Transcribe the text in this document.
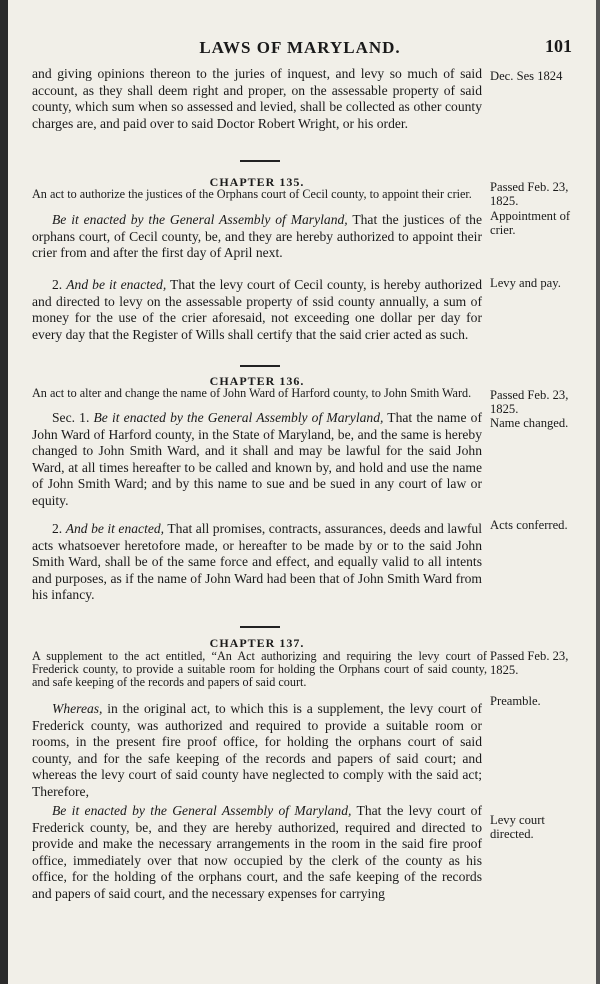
LAWS OF MARYLAND.	101

and giving opinions thereon to the juries of inquest, and levy so much of said account, as they shall deem right and proper, on the assessable property of said county, which sum when so assessed and levied, shall be collected as other county charges are, and paid over to said Doctor Robert Wright, or his order.

Dec. Ses 1824
CHAPTER 135.
An act to authorize the justices of the Orphans court of Cecil county, to appoint their crier.	Passed Feb. 23, 1825.
Appointment of crier.

Be it enacted by the General Assembly of Maryland, That the justices of the orphans court, of Cecil county, be, and they are hereby authorized to appoint their crier from and after the first day of April next.

2. And be it enacted, That the levy court of Cecil county, is hereby authorized and directed to levy on the assessable property of ssid county annually, a sum of money for the use of the crier aforesaid, not exceeding one dollar per day for every day that the Register of Wills shall certify that the said crier acted as such.

Levy and pay.
CHAPTER 136.
An act to alter and change the name of John Ward of Harford county, to John Smith Ward.	Passed Feb. 23, 1825.
Name changed.

Sec. 1. Be it enacted by the General Assembly of Maryland, That the name of John Ward of Harford county, in the State of Maryland, be, and the same is hereby changed to John Smith Ward, and it shall and may be lawful for the said John Ward, at all times hereafter to be called and known by, and hold and use the name of John Smith Ward; and by this name to sue and be sued in any court of law or equity.

2. And be it enacted, That all promises, contracts, assurances, deeds and lawful acts whatsoever heretofore made, or hereafter to be made by or to the said John Smith Ward, shall be of the same force and effect, and equally valid to all intents and purposes, as if the name of John Ward had been that of John Smith Ward from his infancy.

Acts conferred.
CHAPTER 137.
A supplement to the act entitled, “An Act authorizing and requiring the levy court of Frederick county, to provide a suitable room for holding the Orphans court of said county, and safe keeping of the records and papers of said court.
Passed Feb. 23, 1825.
Preamble.

Whereas, in the original act, to which this is a supplement, the levy court of Frederick county, was authorized and required to provide a suitable room or rooms, in the present fire proof office, for holding the orphans court of said county, and for the safe keeping of the records and papers of said court; and whereas the levy court of said county have neglected to comply with the said act; Therefore,

Be it enacted by the General Assembly of Maryland, That the levy court of Frederick county, be, and they are hereby authorized, required and directed to provide and make the necessary arrangements in the room in the said fire proof office, immediately over that now occupied by the clerk of the county as his office, for the holding of the orphans court, and the safe keeping of the records and papers of said court, and the necessary expenses for carrying

Levy court directed.
